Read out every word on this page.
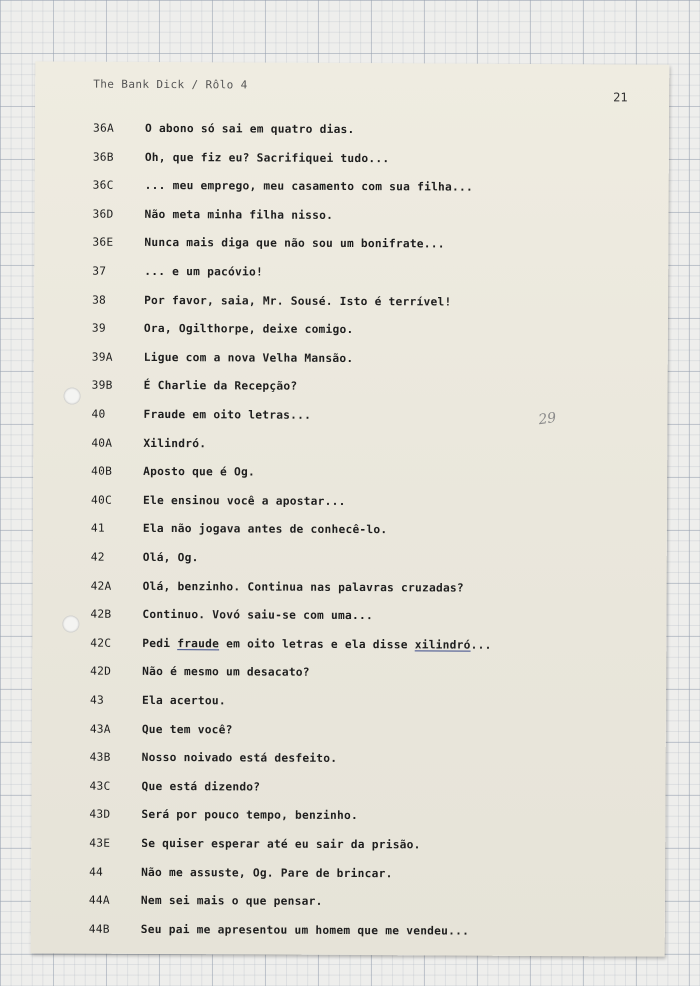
The Bank Dick / Rôlo 4
21
29
36A	O abono só sai em quatro dias.
36B	Oh, que fiz eu? Sacrifiquei tudo...
36C	... meu emprego, meu casamento com sua filha...
36D	Não meta minha filha nisso.
36E	Nunca mais diga que não sou um bonifrate...
37	... e um pacóvio!
38	Por favor, saia, Mr. Sousé. Isto é terrível!
39	Ora, Ogilthorpe, deixe comigo.
39A	Ligue com a nova Velha Mansão.
39B	É Charlie da Recepção?
40	Fraude em oito letras...
40A	Xilindró.
40B	Aposto que é Og.
40C	Ele ensinou você a apostar...
41	Ela não jogava antes de conhecê-lo.
42	Olá, Og.
42A	Olá, benzinho. Continua nas palavras cruzadas?
42B	Continuo. Vovó saiu-se com uma...
42C	Pedi fraude em oito letras e ela disse xilindró...
42D	Não é mesmo um desacato?
43	Ela acertou.
43A	Que tem você?
43B	Nosso noivado está desfeito.
43C	Que está dizendo?
43D	Será por pouco tempo, benzinho.
43E	Se quiser esperar até eu sair da prisão.
44	Não me assuste, Og. Pare de brincar.
44A	Nem sei mais o que pensar.
44B	Seu pai me apresentou um homem que me vendeu...
